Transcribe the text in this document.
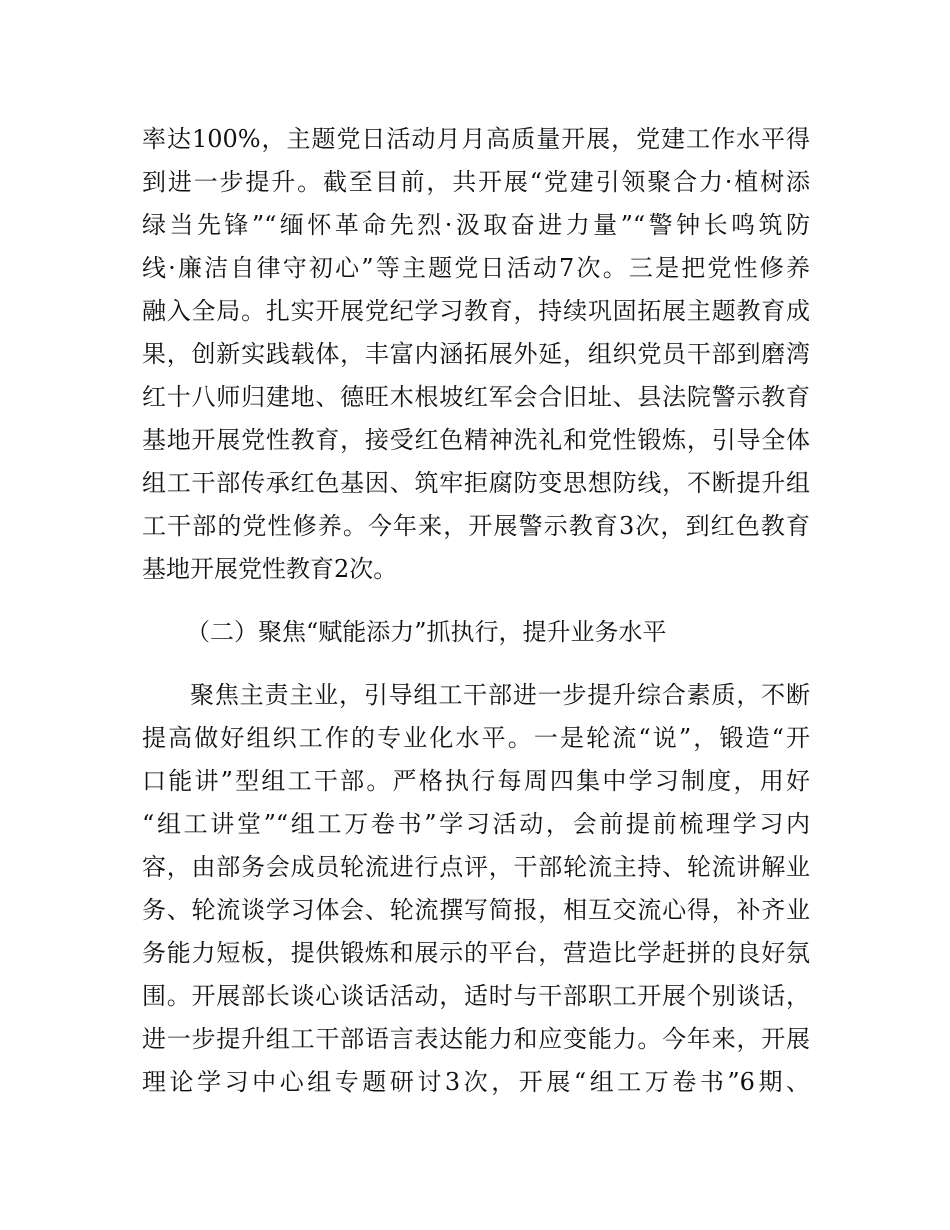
率达100%，主题党日活动月月高质量开展，党建工作水平得
到进一步提升。截至目前，共开展“党建引领聚合力·植树添
绿当先锋”“缅怀革命先烈·汲取奋进力量”“警钟长鸣筑防
线·廉洁自律守初心”等主题党日活动7次。三是把党性修养
融入全局。扎实开展党纪学习教育，持续巩固拓展主题教育成
果，创新实践载体，丰富内涵拓展外延，组织党员干部到磨湾
红十八师归建地、德旺木根坡红军会合旧址、县法院警示教育
基地开展党性教育，接受红色精神洗礼和党性锻炼，引导全体
组工干部传承红色基因、筑牢拒腐防变思想防线，不断提升组
工干部的党性修养。今年来，开展警示教育3次，到红色教育
基地开展党性教育2次。
（二）聚焦“赋能添力”抓执行，提升业务水平
聚焦主责主业，引导组工干部进一步提升综合素质，不断
提高做好组织工作的专业化水平。一是轮流“说”，锻造“开
口能讲”型组工干部。严格执行每周四集中学习制度，用好
“组工讲堂”“组工万卷书”学习活动，会前提前梳理学习内
容，由部务会成员轮流进行点评，干部轮流主持、轮流讲解业
务、轮流谈学习体会、轮流撰写简报，相互交流心得，补齐业
务能力短板，提供锻炼和展示的平台，营造比学赶拼的良好氛
围。开展部长谈心谈话活动，适时与干部职工开展个别谈话，
进一步提升组工干部语言表达能力和应变能力。今年来，开展
理论学习中心组专题研讨3次，开展“组工万卷书”6期、
